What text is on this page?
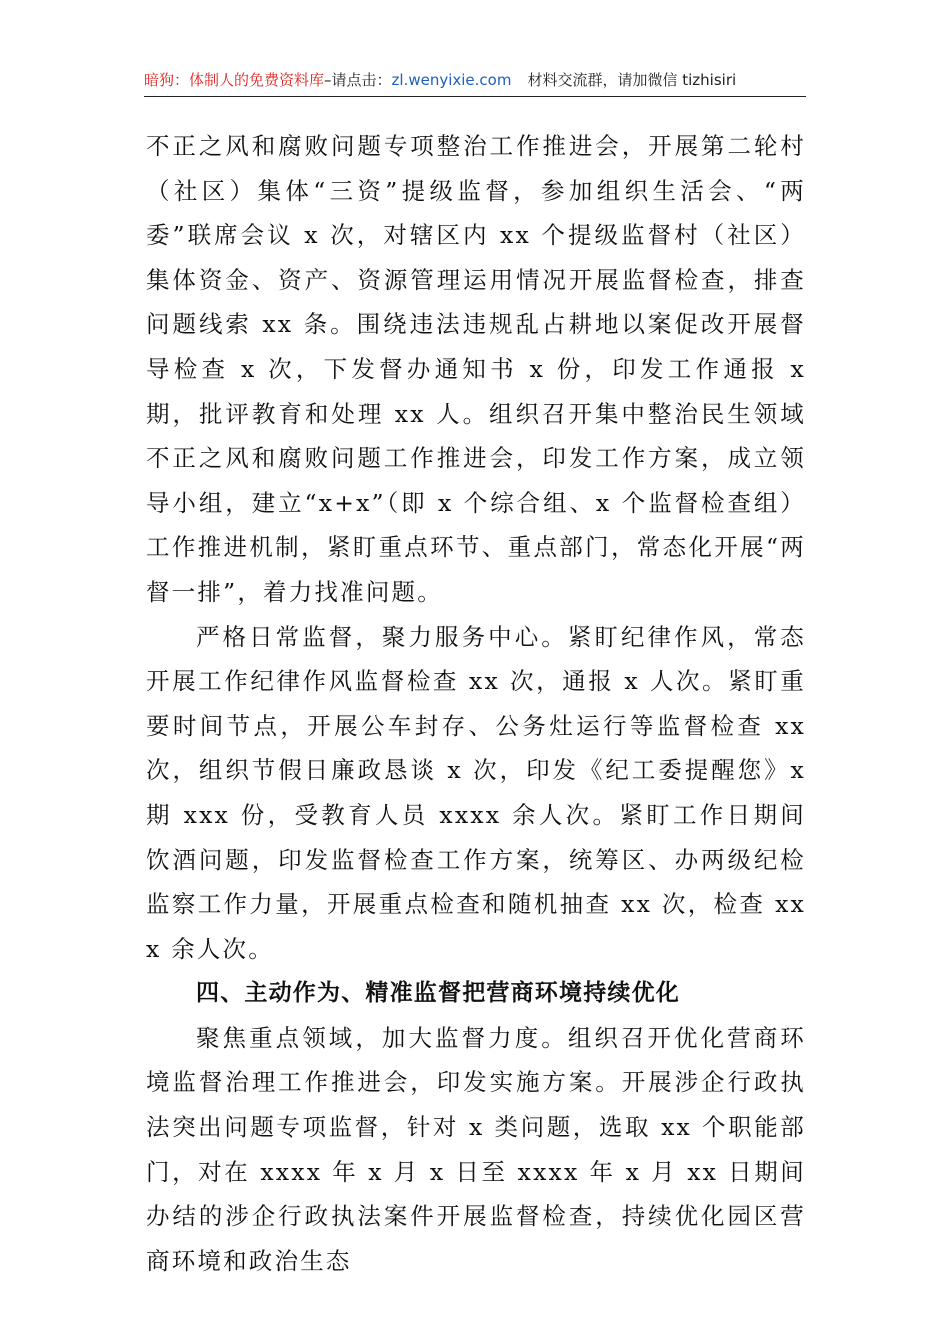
暗狗：体制人的免费资料库–请点击：zl.wenyixie.com 材料交流群，请加微信 tizhisiri

不正之风和腐败问题专项整治工作推进会，开展第二轮村（社区）集体“三资”提级监督，参加组织生活会、“两委”联席会议 x 次，对辖区内 xx 个提级监督村（社区）集体资金、资产、资源管理运用情况开展监督检查，排查问题线索 xx 条。围绕违法违规乱占耕地以案促改开展督导检查 x 次，下发督办通知书 x 份，印发工作通报 x 期，批评教育和处理 xx 人。组织召开集中整治民生领域不正之风和腐败问题工作推进会，印发工作方案，成立领导小组，建立“x+x”（即 x 个综合组、x 个监督检查组）工作推进机制，紧盯重点环节、重点部门，常态化开展“两督一排”，着力找准问题。

严格日常监督，聚力服务中心。紧盯纪律作风，常态开展工作纪律作风监督检查 xx 次，通报 x 人次。紧盯重要时间节点，开展公车封存、公务灶运行等监督检查 xx 次，组织节假日廉政恳谈 x 次，印发《纪工委提醒您》x 期 xxx 份，受教育人员 xxxx 余人次。紧盯工作日期间饮酒问题，印发监督检查工作方案，统筹区、办两级纪检监察工作力量，开展重点检查和随机抽查 xx 次，检查 xxx 余人次。

四、主动作为、精准监督把营商环境持续优化

聚焦重点领域，加大监督力度。组织召开优化营商环境监督治理工作推进会，印发实施方案。开展涉企行政执法突出问题专项监督，针对 x 类问题，选取 xx 个职能部门，对在 xxxx 年 x 月 x 日至 xxxx 年 x 月 xx 日期间办结的涉企行政执法案件开展监督检查，持续优化园区营商环境和政治生态
